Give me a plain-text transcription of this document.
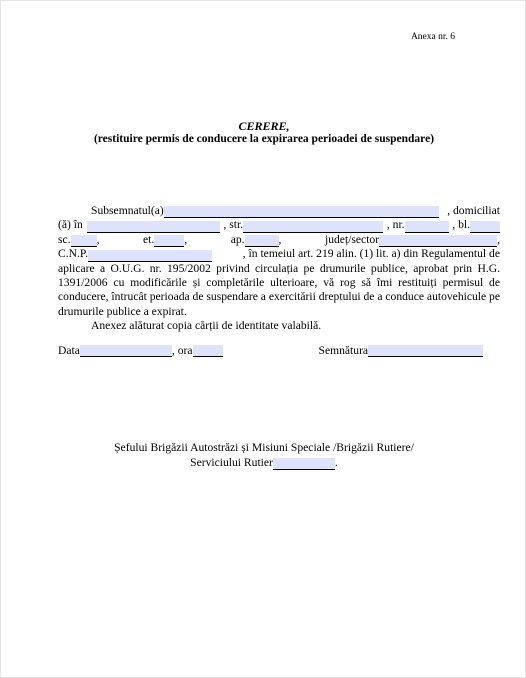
Anexa nr. 6
CERERE,
(restituire permis de conducere la expirarea perioadei de suspendare)
Subsemnatul(a)	, domiciliat
(ă) în	, str.	, nr.	, bl.
sc. ,	et.	,	ap.	,	județ/sector	,
C.N.P.	, în temeiul art. 219 alin. (1) lit. a) din Regulamentul de
aplicare a O.U.G. nr. 195/2002 privind circulația pe drumurile publice, aprobat prin H.G. 1391/2006 cu modificările și completările ulterioare, vă rog să îmi restituiți permisul de conducere, întrucât perioada de suspendare a exercitării dreptului de a conduce autovehicule pe drumurile publice a expirat.
Anexez alăturat copia cărții de identitate valabilă.
Data	, ora	Semnătura
Șefului Brigăzii Autostrăzi și Misiuni Speciale /Brigăzii Rutiere/
Serviciului Rutier	.
